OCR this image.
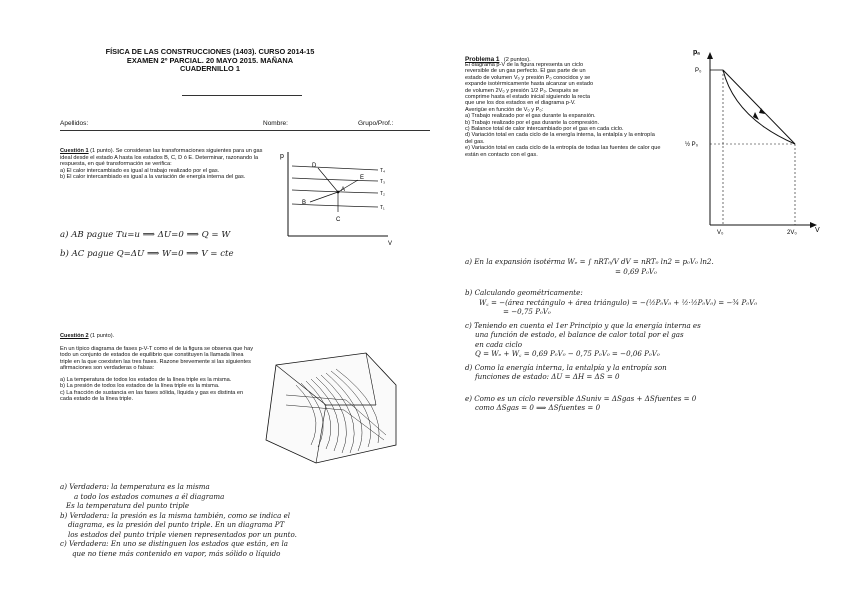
FÍSICA DE LAS CONSTRUCCIONES (1403). CURSO 2014-15
EXAMEN 2º PARCIAL. 20 MAYO 2015. MAÑANA
CUADERNILLO 1
Apellidos:	Nombre:	Grupo/Prof.:
Cuestión 1 (1 punto). Se consideran las transformaciones siguientes para un gas ideal desde el estado A hasta los estados B, C, D ó E. Determinar, razonando la respuesta, en qué transformación se verifica:
a) El calor intercambiado es igual al trabajo realizado por el gas.
b) El calor intercambiado es igual a la variación de energía interna del gas.
p
V
T₄
T₃
T₂
T₁
A
D
E
B
C
a) AB pague Tu=u ⟹ ΔU=0 ⟹ Q = W
b) AC pague Q=ΔU ⟹ W=0 ⟹ V = cte
Cuestión 2 (1 punto).
En un típico diagrama de fases p-V-T como el de la figura se observa que hay todo un conjunto de estados de equilibrio que constituyen la llamada línea triple en la que coexisten las tres fases. Razone brevemente si las siguientes afirmaciones son verdaderas o falsas:
a) La temperatura de todos los estados de la línea triple es la misma.
b) La presión de todos los estados de la línea triple es la misma.
c) La fracción de sustancia en las fases sólida, líquida y gas es distinta en cada estado de la línea triple.
a) Verdadera: la temperatura es la misma
a todo los estados comunes a él diagrama
Es la temperatura del punto triple
b) Verdadera: la presión es la misma también, como se indica el
diagrama, es la presión del punto triple. En un diagrama PT
los estados del punto triple vienen representados por un punto.
c) Verdadera: En uno se distinguen los estados que están, en la
que no tiene más contenido en vapor, más sólido o líquido
Problema 1 (2 puntos).
El diagrama p-V de la figura representa un ciclo
reversible de un gas perfecto. El gas parte de un
estado de volumen V₀ y presión P₀ conocidos y se
expande isotérmicamente hasta alcanzar un estado
de volumen 2V₀ y presión 1/2 P₀. Después se
comprime hasta el estado inicial siguiendo la recta
que une los dos estados en el diagrama p-V.
Averigüe en función de V₀ y P₀:
a) Trabajo realizado por el gas durante la expansión.
b) Trabajo realizado por el gas durante la compresión.
c) Balance total de calor intercambiado por el gas en cada ciclo.
d) Variación total en cada ciclo de la energía interna, la entalpía y la entropía del gas.
e) Variación total en cada ciclo de la entropía de todas las fuentes de calor que están en contacto con el gas.
pₐ
V
P₀
½ P₀
V₀	2V₀
a) En la expansión isotérma Wₑ = ∫ nRT₀/V dV = nRT₀ ln2 = p₀V₀ ln2.
= 0,69 P₀V₀
b) Calculando geométricamente:
W꜀ = −(área rectángulo + área triángulo) = −(½P₀V₀ + ½·½P₀V₀) = −¾ P₀V₀
= −0,75 P₀V₀
c) Teniendo en cuenta el 1er Principio y que la energía interna es
una función de estado, el balance de calor total por el gas
en cada ciclo
Q = Wₑ + W꜀ = 0,69 P₀V₀ − 0,75 P₀V₀ = −0,06 P₀V₀
d) Como la energía interna, la entalpía y la entropía son
funciones de estado: ΔU = ΔH = ΔS = 0
e) Como es un ciclo reversible ΔSuniv = ΔSgas + ΔSfuentes = 0
como ΔSgas = 0 ⟹ ΔSfuentes = 0
